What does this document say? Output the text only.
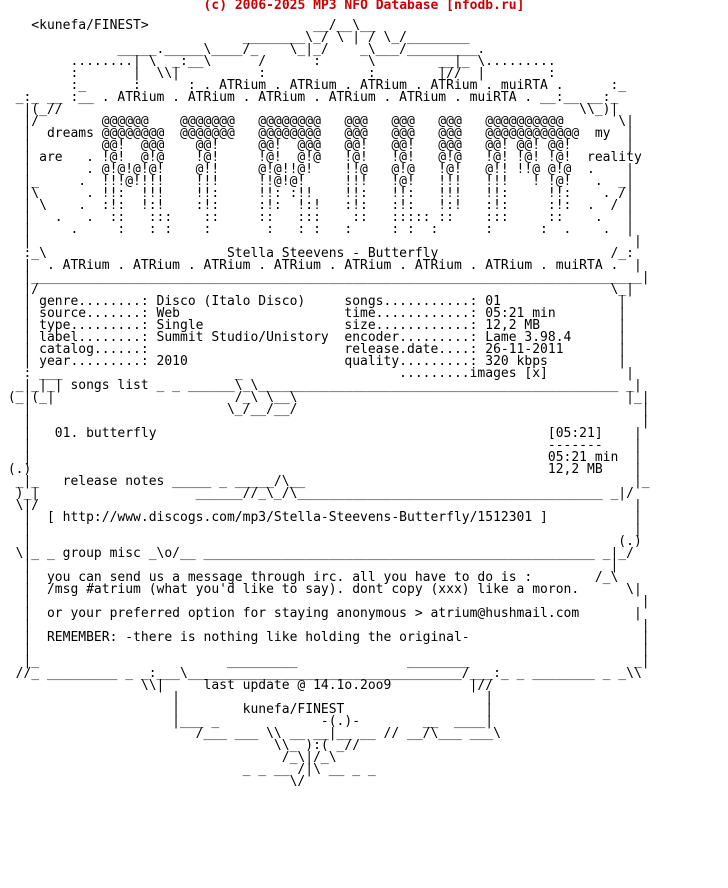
(c) 2006-2025 MP3 NFO Database [nfodb.ru]
<kunefa/FINEST>                     __/__\__
________\_/ \ | / \_/________
_____._____\____/_    \_|_/    _\___/_________.
........| \  _:__\      /      :      \        __|_ \.........
:       |  \\|          :             :        |//  |        :
:_      :      : . ATRium . ATRium . ATRium . ATRium . muiRTA .      :_
_:_ __ :__ . ATRium . ATRium . ATRium . ATRium . ATRium . muiRTA . __:__ __:_
|(_//                                                                  \\_)|
|/        @@@@@@    @@@@@@@   @@@@@@@@   @@@   @@@   @@@   @@@@@@@@@@       \|
|  dreams @@@@@@@@  @@@@@@@   @@@@@@@@   @@@   @@@   @@@   @@@@@@@@@@@@  my  |
|         @@!  @@@    @@!     @@!  @@@   @@!   @@!   @@@   @@! @@! @@!       |
| are   . !@!  @!@    !@!     !@!  @!@   !@!   !@!   @!@   !@! !@! !@!  reality
|       . @!@!@!@!    @!!     @!@!!@!    !!@   @!@   !@!   @!! !!@ @!@  .    |
|_     .  !!!@!!!!    !!!     !!@!@!     !!!   !@!   !!!   !!!   ! !@!   .  _|
|\      . !!:  !!!    !!:     !!: :!!    !!:   !!:   !!!   !!:     !!:    . /|
| \    .  :!:  !:!    :!:     :!:  !:!   :!:   :!:   !:!   :!:     :!:  .  / |
|   .   .  ::   :::    ::     ::   :::    ::   ::::: ::    :::     ::    .   |
|     .     :   : :    :       :   : :   :     : :  :      :      :  .    .  |
|                                                                             |
:_\                       Stella Steevens - Butterfly                      /_:
|  . ATRium . ATRium . ATRium . ATRium . ATRium . ATRium . ATRium . muiRTA .  |
|______________________________________________________________________________|
|/                                                                         \_|
| genre........: Disco (Italo Disco)     songs...........: 01               |
| source.......: Web                     time............: 05:21 min        |
| type.........: Single                  size............: 12,2 MB          |
| label........: Summit Studio/Unistory  encoder.........: Lame 3.98.4      |
| catalog......:                         release.date....: 26-11-2011       |
| year.........: 2010                    quality.........: 320 kbps         |
: ___                      _                    .........images [x]          |
_|_|_| songs list _ _ ______\_\______________________________________________ _|
(_|(_|                       /_\ \__\                                          |_|
|                         \_/__/__/                                            |
|                                                                              |
|   01. butterfly                                                  [05:21]    |
|                                                                  -------    |
|                                                                  05:21 min  |
(.)                                                                  12,2 MB    |
_|_   release notes _____ _ _____/\__                                          |_
)_|                    ______//_\_/\_______________________________________ _|/
\|/                                                                            |
|  [ http://www.discogs.com/mp3/Stella-Steevens-Butterfly/1512301 ]           |
|                                                                             |
|                                                                           (.)
\|_ _ group misc _\o/__ __________________________________________________ _|_/
|                                                                          |
|  you can send us a message through irc. all you have to do is :        /_\
|  /msg #atrium (what you'd like to say). dont copy (xxx) like a moron.      \|
|                                                                              |
|  or your preferred option for staying anonymous > atrium@hushmail.com       |
|                                                                              |
|  REMEMBER: -there is nothing like holding the original-                      |
|                                                                              |
|_                        _________              ________                     _|
//_ _________ _ _:___\___________________________________/___:_ _ ________ _ _\\
\\|     last update @ 14.1o.2oo9          |//
|                                       |
|        kunefa/FINEST                  |
|___ _             -(.)-        __  ____|
/___ ___ \\ __ __|__ __ // __/\___ ___\
\\_ ):( _//
/_\|/_\
_ _ __ /|\ __ _ _
\/
